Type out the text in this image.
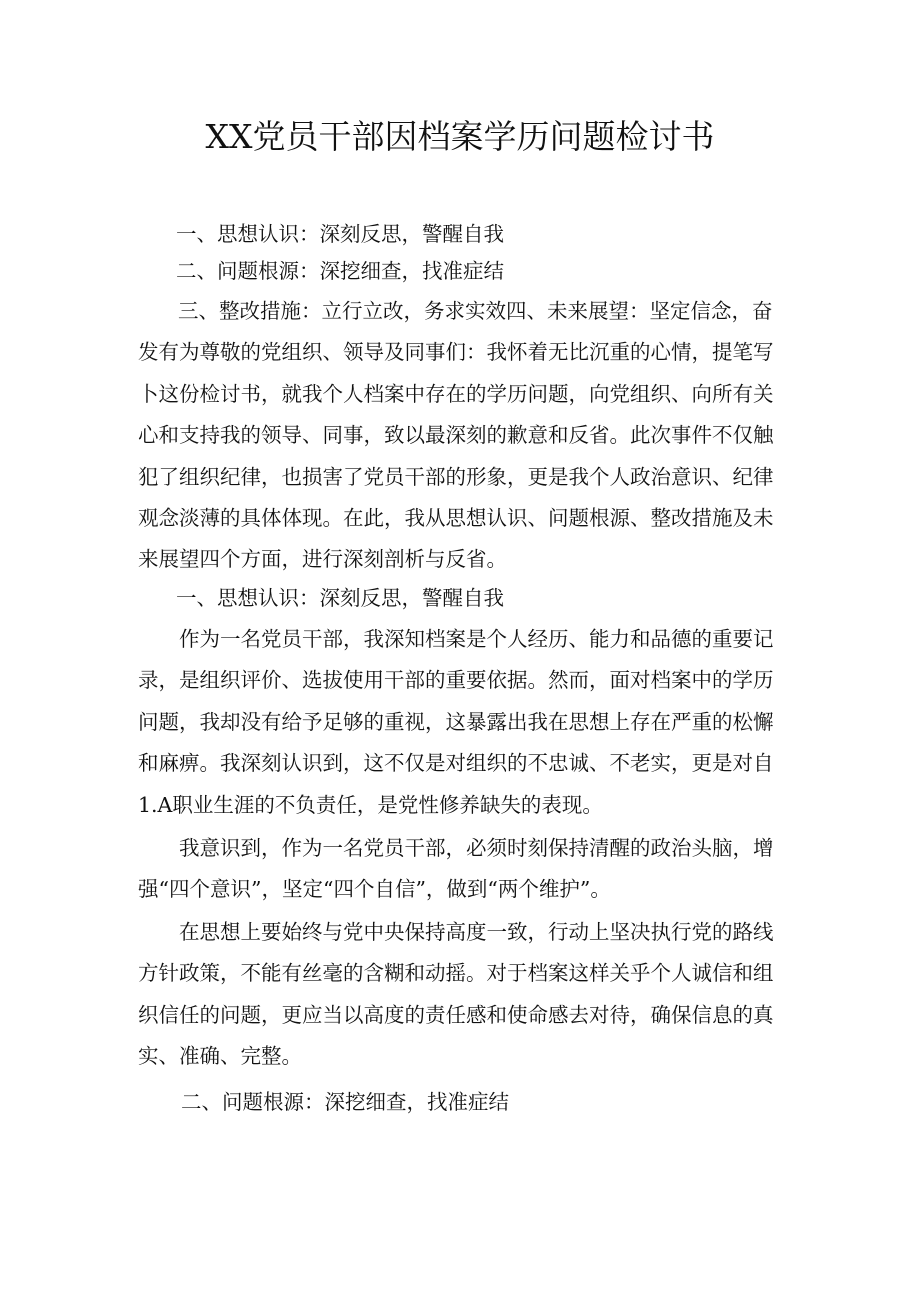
XX党员干部因档案学历问题检讨书
一、思想认识：深刻反思，警醒自我
二、问题根源：深挖细查，找准症结

三、整改措施：立行立改，务求实效四、未来展望：坚定信念，奋发有为尊敬的党组织、领导及同事们：我怀着无比沉重的心情，提笔写卜这份检讨书，就我个人档案中存在的学历问题，向党组织、向所有关心和支持我的领导、同事，致以最深刻的歉意和反省。此次事件不仅触犯了组织纪律，也损害了党员干部的形象，更是我个人政治意识、纪律观念淡薄的具体体现。在此，我从思想认识、问题根源、整改措施及未来展望四个方面，进行深刻剖析与反省。

一、思想认识：深刻反思，警醒自我

作为一名党员干部，我深知档案是个人经历、能力和品德的重要记录，是组织评价、选拔使用干部的重要依据。然而，面对档案中的学历问题，我却没有给予足够的重视，这暴露出我在思想上存在严重的松懈和麻痹。我深刻认识到，这不仅是对组织的不忠诚、不老实，更是对自1.A职业生涯的不负责任，是党性修养缺失的表现。

我意识到，作为一名党员干部，必须时刻保持清醒的政治头脑，增强“四个意识”，坚定“四个自信”，做到“两个维护”。

在思想上要始终与党中央保持高度一致，行动上坚决执行党的路线方针政策，不能有丝毫的含糊和动摇。对于档案这样关乎个人诚信和组织信任的问题，更应当以高度的责任感和使命感去对待，确保信息的真实、准确、完整。

二、问题根源：深挖细查，找准症结
